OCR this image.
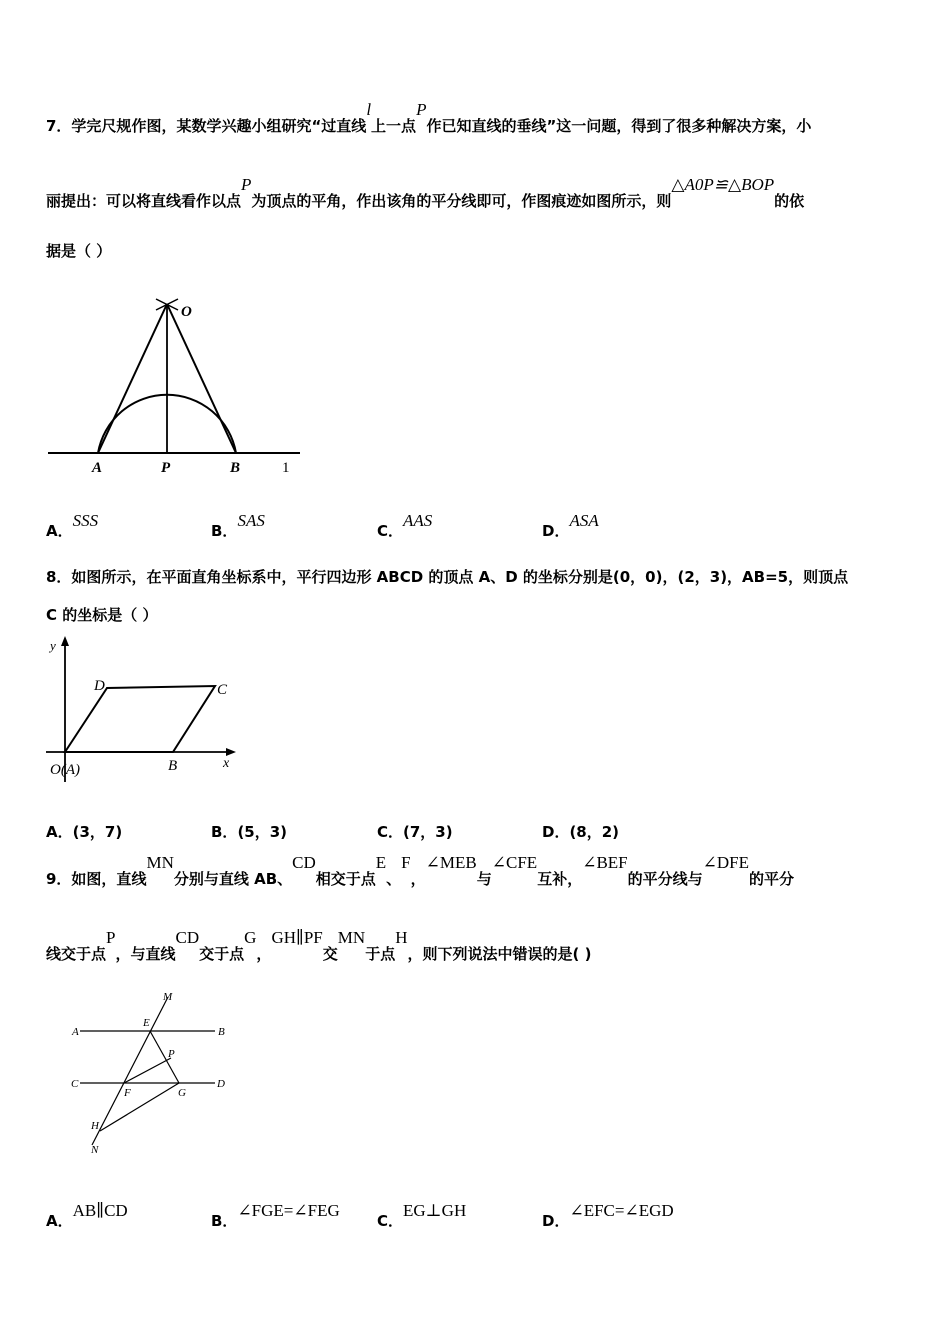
7．学完尺规作图，某数学兴趣小组研究“过直线l上一点P作已知直线的垂线”这一问题，得到了很多种解决方案，小
丽提出：可以将直线看作以点P为顶点的平角，作出该角的平分线即可，作图痕迹如图所示，则△A0P≌△BOP的依
据是（ ）
O
A	P	B	1
A．SSS
B．SAS
C．AAS
D．ASA
8．如图所示，在平面直角坐标系中，平行四边形 ABCD 的顶点 A、D 的坐标分别是(0，0)，(2，3)，AB=5，则顶点
C 的坐标是（ ）
y
x
D	C
B
O(A)
A．(3，7)	B．(5，3)	C．(7，3)	D．(8，2)
9．如图，直线MN分别与直线 AB、CD相交于点E、F，∠MEB与∠CFE互补，∠BEF的平分线与∠DFE的平分
线交于点P，与直线CD交于点G，GH∥PF交MN于点H，则下列说法中错误的是( )
M
E
A	B
P
C
F	G
D
H
N
A．AB∥CD
B．∠FGE=∠FEG
C．EG⊥GH
D．∠EFC=∠EGD
